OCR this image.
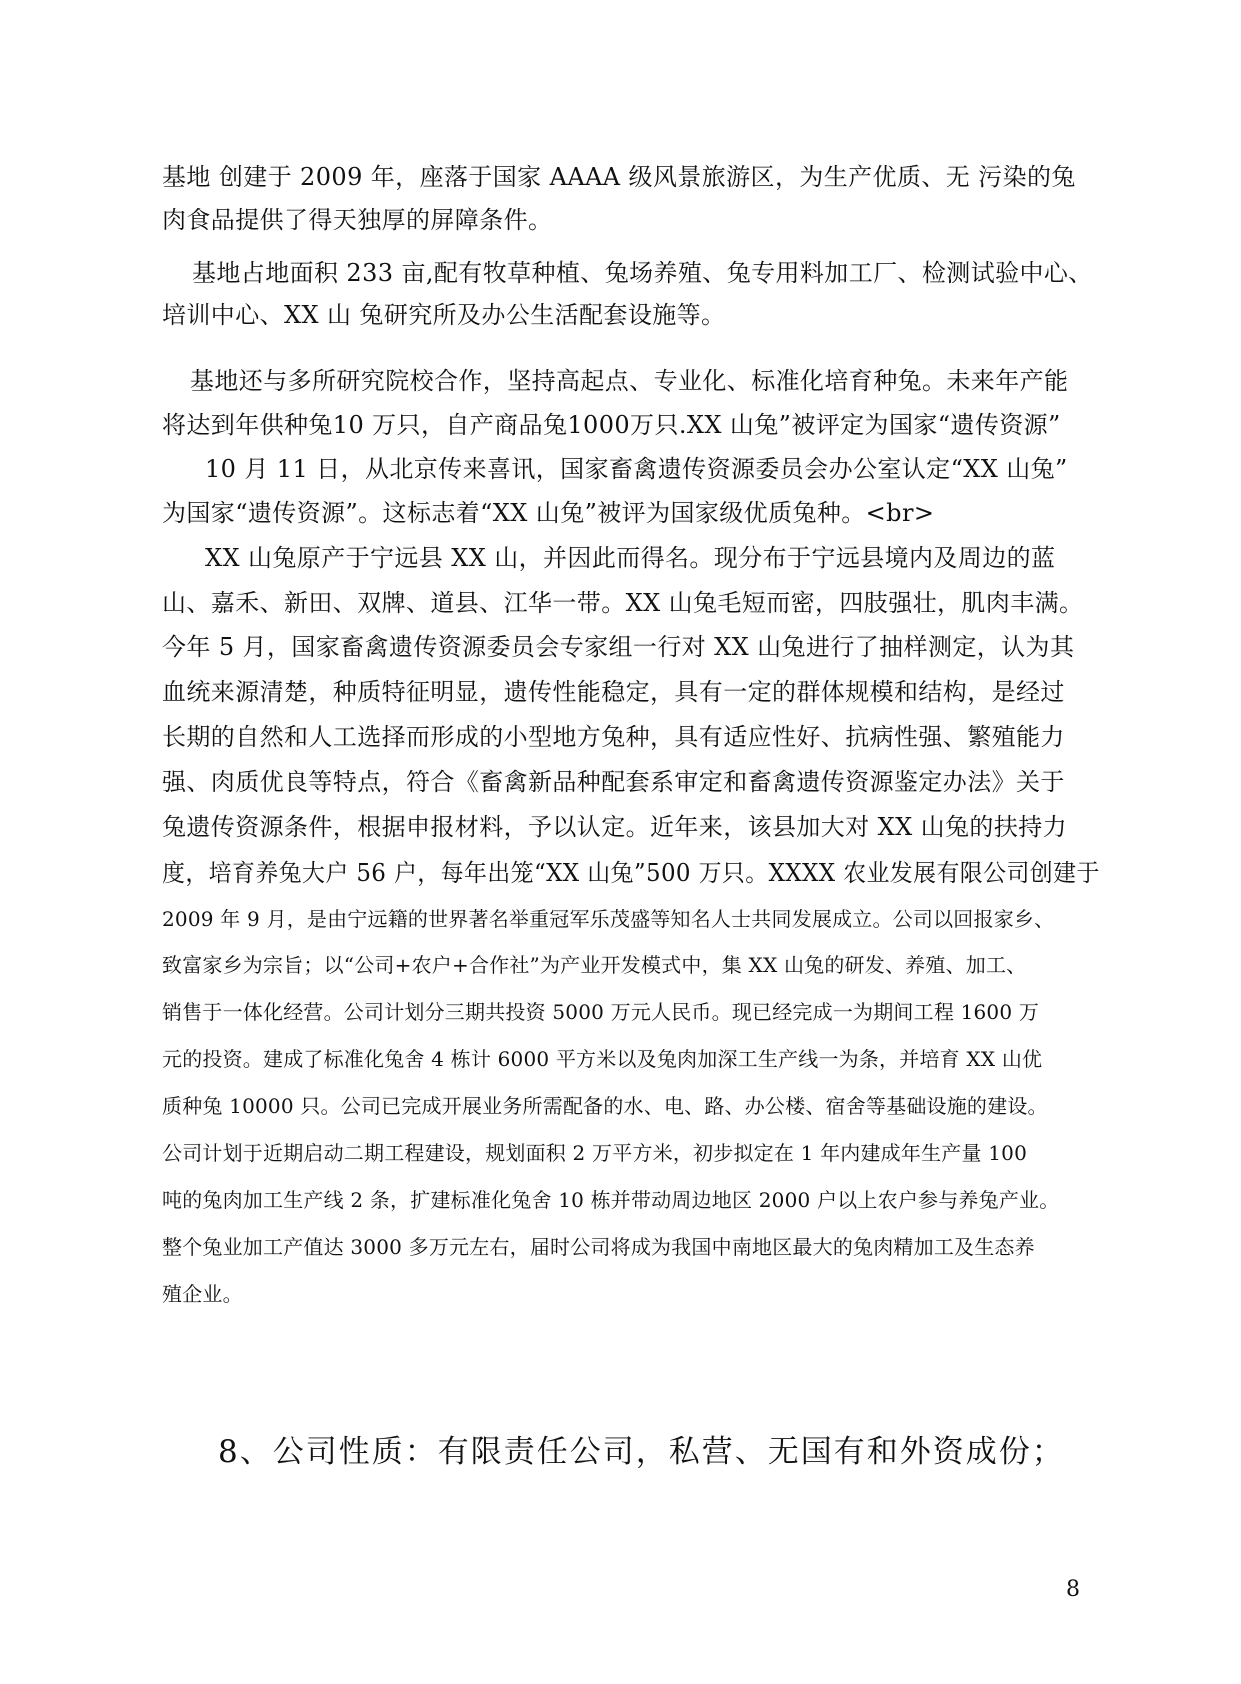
基地 创建于 2009 年，座落于国家 AAAA 级风景旅游区，为生产优质、无 污染的兔
肉食品提供了得天独厚的屏障条件。
基地占地面积 233 亩,配有牧草种植、兔场养殖、兔专用料加工厂、检测试验中心、
培训中心、XX 山 兔研究所及办公生活配套设施等。
基地还与多所研究院校合作，坚持高起点、专业化、标准化培育种兔。未来年产能
将达到年供种兔10 万只，自产商品兔1000万只.XX 山兔”被评定为国家“遗传资源”
10 月 11 日，从北京传来喜讯，国家畜禽遗传资源委员会办公室认定“XX 山兔”
为国家“遗传资源”。这标志着“XX 山兔”被评为国家级优质兔种。<br>
XX 山兔原产于宁远县 XX 山，并因此而得名。现分布于宁远县境内及周边的蓝
山、嘉禾、新田、双牌、道县、江华一带。XX 山兔毛短而密，四肢强壮，肌肉丰满。
今年 5 月，国家畜禽遗传资源委员会专家组一行对 XX 山兔进行了抽样测定，认为其
血统来源清楚，种质特征明显，遗传性能稳定，具有一定的群体规模和结构，是经过
长期的自然和人工选择而形成的小型地方兔种，具有适应性好、抗病性强、繁殖能力
强、肉质优良等特点，符合《畜禽新品种配套系审定和畜禽遗传资源鉴定办法》关于
兔遗传资源条件，根据申报材料，予以认定。近年来，该县加大对 XX 山兔的扶持力
度，培育养兔大户 56 户，每年出笼“XX 山兔”500 万只。XXXX 农业发展有限公司创建于
2009 年 9 月，是由宁远籍的世界著名举重冠军乐茂盛等知名人士共同发展成立。公司以回报家乡、
致富家乡为宗旨；以“公司+农户+合作社”为产业开发模式中，集 XX 山兔的研发、养殖、加工、
销售于一体化经营。公司计划分三期共投资 5000 万元人民币。现已经完成一为期间工程 1600 万
元的投资。建成了标准化兔舍 4 栋计 6000 平方米以及兔肉加深工生产线一为条，并培育 XX 山优
质种兔 10000 只。公司已完成开展业务所需配备的水、电、路、办公楼、宿舍等基础设施的建设。
公司计划于近期启动二期工程建设，规划面积 2 万平方米，初步拟定在 1 年内建成年生产量 100
吨的兔肉加工生产线 2 条，扩建标准化兔舍 10 栋并带动周边地区 2000 户以上农户参与养兔产业。
整个兔业加工产值达 3000 多万元左右，届时公司将成为我国中南地区最大的兔肉精加工及生态养
殖企业。
8、公司性质：有限责任公司，私营、无国有和外资成份；
8
